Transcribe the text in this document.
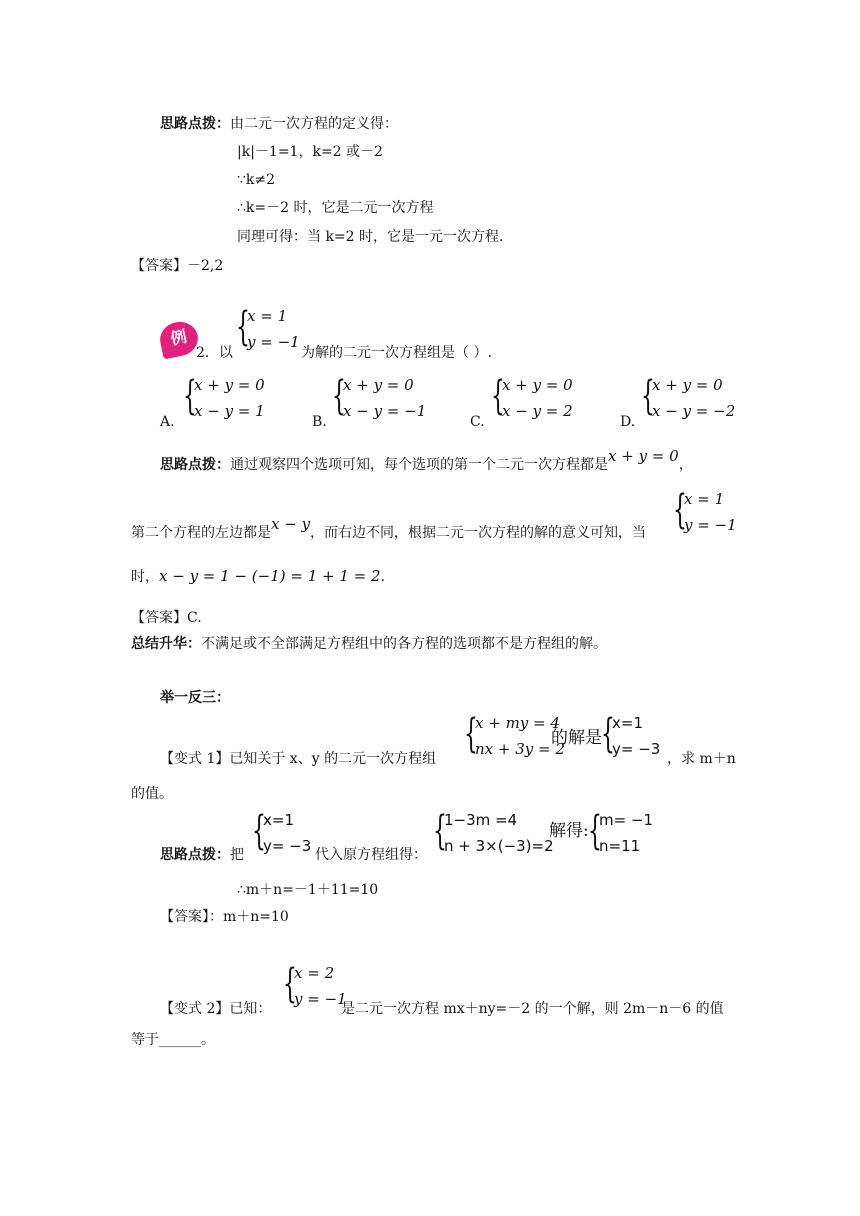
思路点拨：由二元一次方程的定义得：
|k|－1=1，k=2 或－2
∵k≠2
∴k=－2 时，它是二元一次方程
同理可得：当 k=2 时，它是一元一次方程.
【答案】－2,2
例
2．以
{
x = 1
y = −1
为解的二元一次方程组是（ ）.
A.
{
x + y = 0
x − y = 1
B.
{
x + y = 0
x − y = −1
C.
{
x + y = 0
x − y = 2
D.
{
x + y = 0
x − y = −2
思路点拨：通过观察四个选项可知，每个选项的第一个二元一次方程都是x + y = 0，
第二个方程的左边都是x − y，而右边不同，根据二元一次方程的解的意义可知，当 {
x = 1
y = −1
时，x − y = 1 − (−1) = 1 + 1 = 2.
【答案】C.
总结升华：不满足或不全部满足方程组中的各方程的选项都不是方程组的解。
举一反三：
【变式 1】已知关于 x、y 的二元一次方程组
{
x + my = 4
nx + 3y = 2
的解是 {
x=1
y= −3
，求 m＋n
的值。
思路点拨：把
{
x=1
y= −3 代入原方程组得：
{
1−3m =4
n + 3×(−3)=2
解得: {
m= −1
n=11
∴m＋n=－1＋11=10
【答案】：m＋n=10
【变式 2】已知：
{
x = 2
y = −1
是二元一次方程 mx＋ny=－2 的一个解，则 2m－n－6 的值
等于______。
